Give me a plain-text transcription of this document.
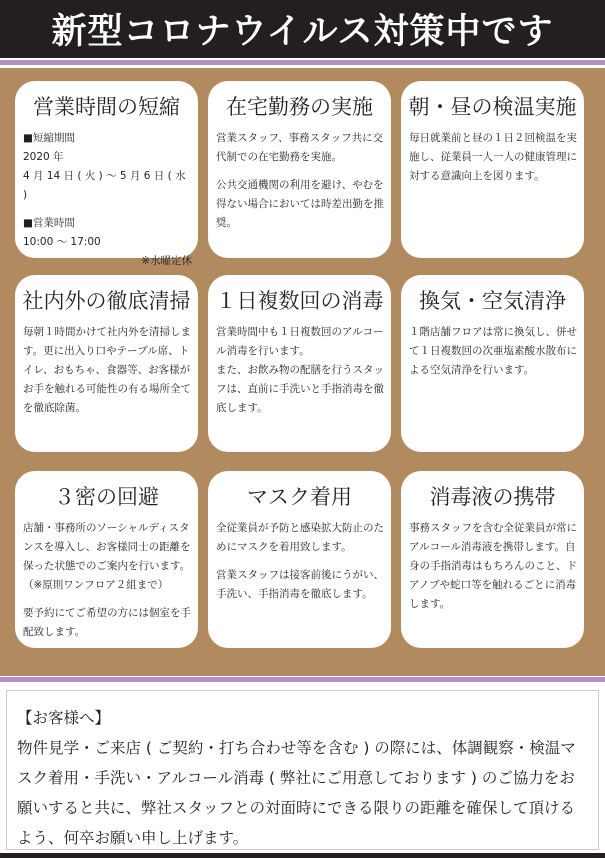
新型コロナウイルス対策中です
営業時間の短縮

■短縮期間

2020 年

4 月 14 日 ( 火 ) ～ 5 月 6 日 ( 水 )

■営業時間

10:00 ～ 17:00

※水曜定休

在宅勤務の実施

営業スタッフ、事務スタッフ共に交代制での在宅勤務を実施。

公共交通機関の利用を避け、やむを得ない場合においては時差出勤を推奨。

朝・昼の検温実施

毎日就業前と昼の１日２回検温を実施し、従業員一人一人の健康管理に対する意識向上を図ります。

社内外の徹底清掃

毎朝１時間かけて社内外を清掃します。更に出入り口やテーブル席、トイレ、おもちゃ、食器等、お客様がお手を触れる可能性の有る場所全てを徹底除菌。

１日複数回の消毒

営業時間中も１日複数回のアルコール消毒を行います。

また、お飲み物の配膳を行うスタッフは、直前に手洗いと手指消毒を徹底します。

換気・空気清浄

１階店舗フロアは常に換気し、併せて１日複数回の次亜塩素酸水散布による空気清浄を行います。

３密の回避

店舗・事務所のソーシャルディスタンスを導入し、お客様同士の距離を保った状態でのご案内を行います。

（※原則ワンフロア２組まで）

要予約にてご希望の方には個室を手配致します。

マスク着用

全従業員が予防と感染拡大防止のためにマスクを着用致します。

営業スタッフは接客前後にうがい、手洗い、手指消毒を徹底します。

消毒液の携帯

事務スタッフを含む全従業員が常にアルコール消毒液を携帯します。自身の手指消毒はもちろんのこと、ドアノブや蛇口等を触れるごとに消毒します。

【お客様へ】

物件見学・ご来店 ( ご契約・打ち合わせ等を含む ) の際には、体調観察・検温マスク着用・手洗い・アルコール消毒 ( 弊社にご用意しております ) のご協力をお願いすると共に、弊社スタッフとの対面時にできる限りの距離を確保して頂けるよう、何卒お願い申し上げます。
